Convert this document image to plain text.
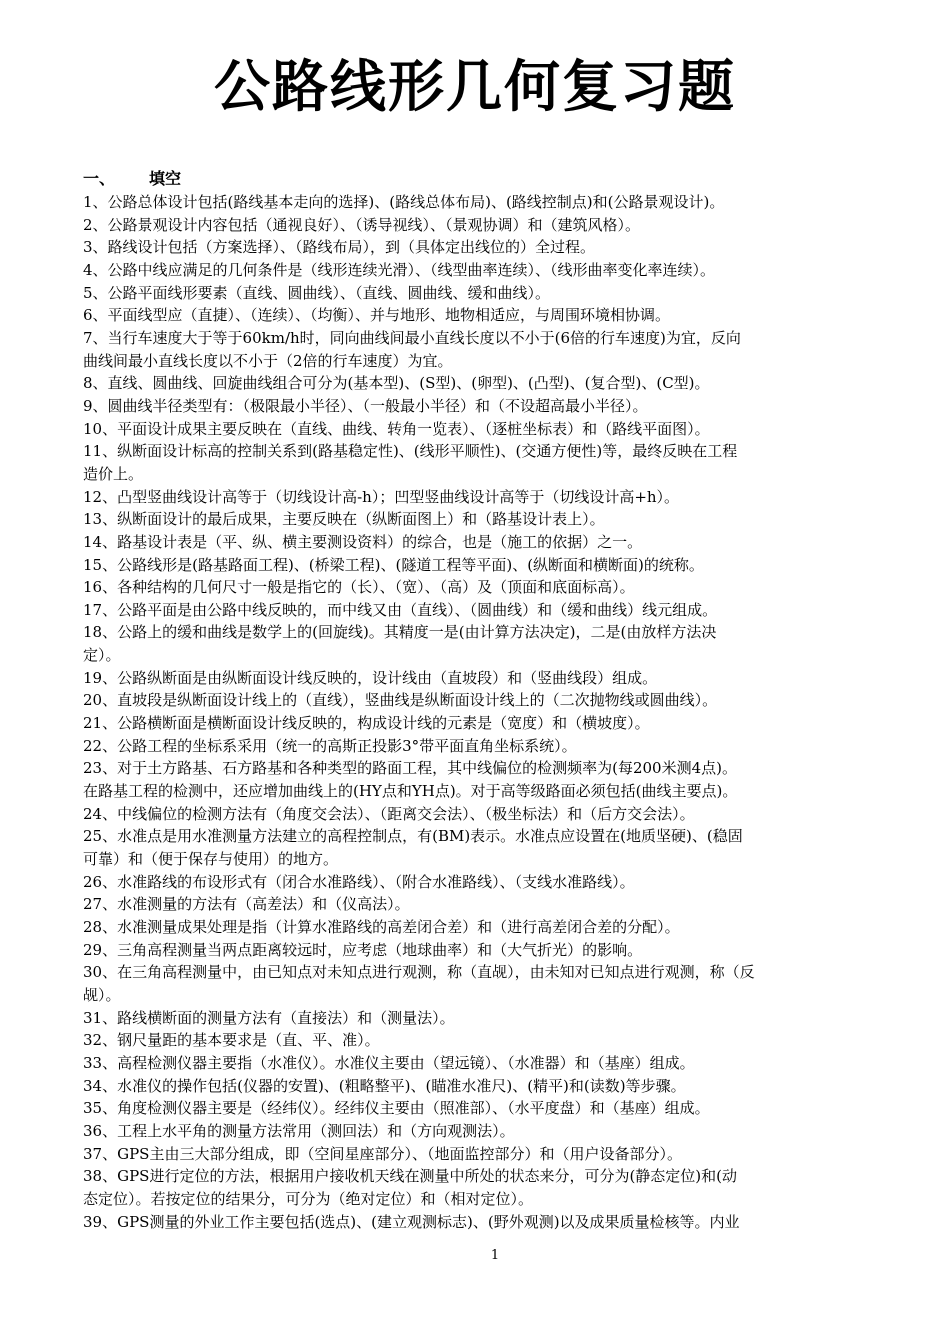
公路线形几何复习题
一、 填空
1、公路总体设计包括(路线基本走向的选择)、(路线总体布局)、(路线控制点)和(公路景观设计)。
2、公路景观设计内容包括（通视良好）、（诱导视线）、（景观协调）和（建筑风格）。
3、路线设计包括（方案选择）、（路线布局），到（具体定出线位的）全过程。
4、公路中线应满足的几何条件是（线形连续光滑）、（线型曲率连续）、（线形曲率变化率连续）。
5、公路平面线形要素（直线、圆曲线）、（直线、圆曲线、缓和曲线）。
6、平面线型应（直捷）、（连续）、（均衡）、并与地形、地物相适应，与周围环境相协调。
7、当行车速度大于等于60km/h时，同向曲线间最小直线长度以不小于(6倍的行车速度)为宜，反向
曲线间最小直线长度以不小于（2倍的行车速度）为宜。
8、直线、圆曲线、回旋曲线组合可分为(基本型)、(S型)、(卵型)、(凸型)、(复合型)、(C型)。
9、圆曲线半径类型有：（极限最小半径）、（一般最小半径）和（不设超高最小半径）。
10、平面设计成果主要反映在（直线、曲线、转角一览表）、（逐桩坐标表）和（路线平面图）。
11、纵断面设计标高的控制关系到(路基稳定性)、(线形平顺性)、(交通方便性)等，最终反映在工程
造价上。
12、凸型竖曲线设计高等于（切线设计高-h）；凹型竖曲线设计高等于（切线设计高+h）。
13、纵断面设计的最后成果，主要反映在（纵断面图上）和（路基设计表上）。
14、路基设计表是（平、纵、横主要测设资料）的综合，也是（施工的依据）之一。
15、公路线形是(路基路面工程)、(桥梁工程)、(隧道工程等平面)、(纵断面和横断面)的统称。
16、各种结构的几何尺寸一般是指它的（长）、（宽）、（高）及（顶面和底面标高）。
17、公路平面是由公路中线反映的，而中线又由（直线）、（圆曲线）和（缓和曲线）线元组成。
18、公路上的缓和曲线是数学上的(回旋线)。其精度一是(由计算方法决定)，二是(由放样方法决
定）。
19、公路纵断面是由纵断面设计线反映的，设计线由（直坡段）和（竖曲线段）组成。
20、直坡段是纵断面设计线上的（直线），竖曲线是纵断面设计线上的（二次抛物线或圆曲线）。
21、公路横断面是横断面设计线反映的，构成设计线的元素是（宽度）和（横坡度）。
22、公路工程的坐标系采用（统一的高斯正投影3°带平面直角坐标系统）。
23、对于土方路基、石方路基和各种类型的路面工程，其中线偏位的检测频率为(每200米测4点)。
在路基工程的检测中，还应增加曲线上的(HY点和YH点)。对于高等级路面必须包括(曲线主要点)。
24、中线偏位的检测方法有（角度交会法）、（距离交会法）、（极坐标法）和（后方交会法）。
25、水准点是用水准测量方法建立的高程控制点，有(BM)表示。水准点应设置在(地质坚硬)、(稳固
可靠）和（便于保存与使用）的地方。
26、水准路线的布设形式有（闭合水准路线）、（附合水准路线）、（支线水准路线）。
27、水准测量的方法有（高差法）和（仪高法）。
28、水准测量成果处理是指（计算水准路线的高差闭合差）和（进行高差闭合差的分配）。
29、三角高程测量当两点距离较远时，应考虑（地球曲率）和（大气折光）的影响。
30、在三角高程测量中，由已知点对未知点进行观测，称（直觇），由未知对已知点进行观测，称（反
觇）。
31、路线横断面的测量方法有（直接法）和（测量法）。
32、钢尺量距的基本要求是（直、平、准）。
33、高程检测仪器主要指（水准仪）。水准仪主要由（望远镜）、（水准器）和（基座）组成。
34、水准仪的操作包括(仪器的安置)、(粗略整平)、(瞄准水准尺)、(精平)和(读数)等步骤。
35、角度检测仪器主要是（经纬仪）。经纬仪主要由（照准部）、（水平度盘）和（基座）组成。
36、工程上水平角的测量方法常用（测回法）和（方向观测法）。
37、GPS主由三大部分组成，即（空间星座部分）、（地面监控部分）和（用户设备部分）。
38、GPS进行定位的方法，根据用户接收机天线在测量中所处的状态来分，可分为(静态定位)和(动
态定位）。若按定位的结果分，可分为（绝对定位）和（相对定位）。
39、GPS测量的外业工作主要包括(选点)、(建立观测标志)、(野外观测)以及成果质量检核等。内业
1
